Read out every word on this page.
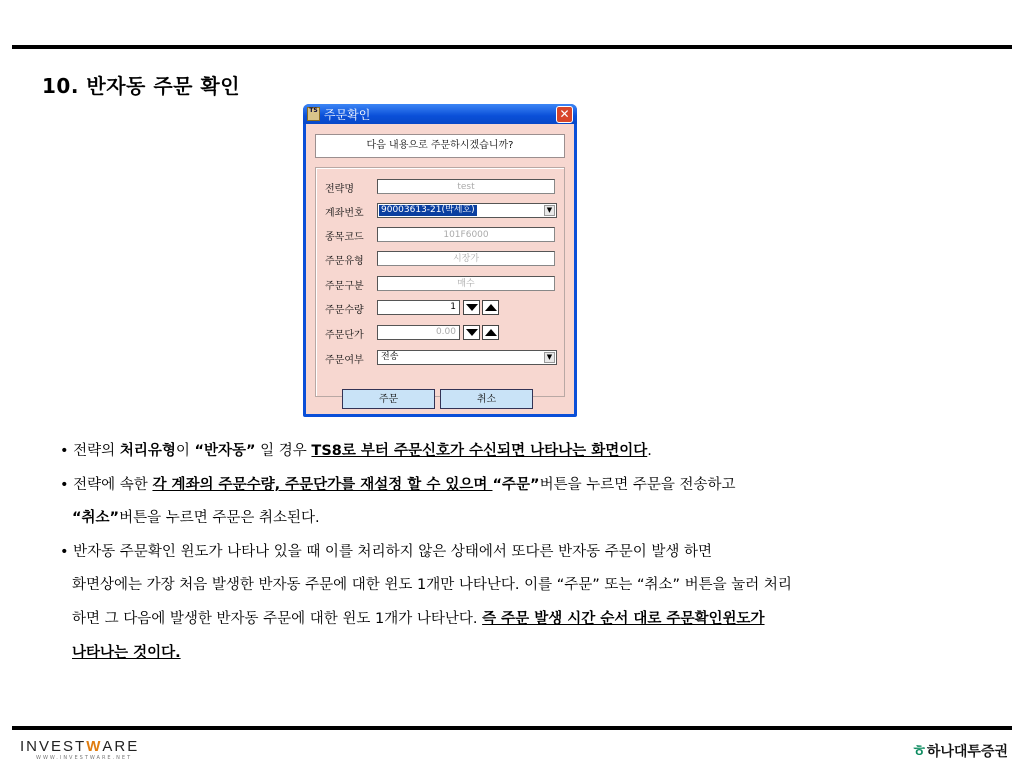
10. 반자동 주문 확인
TS 주문확인	✕
다음 내용으로 주문하시겠습니까?
전략명	test
계좌번호 90003613-21(박세호)	▼
종목코드	101F6000
주문유형	시장가
주문구분	매수
주문수량	1
주문단가	0.00
주문여부 전송	▼
주문	취소
• 전략의 처리유형이 “반자동” 일 경우 TS8로 부터 주문신호가 수신되면 나타나는 화면이다.
• 전략에 속한 각 계좌의 주문수량, 주문단가를 재설정 할 수 있으며 “주문”버튼을 누르면 주문을 전송하고
“취소”버튼을 누르면 주문은 취소된다.
• 반자동 주문확인 윈도가 나타나 있을 때 이를 처리하지 않은 상태에서 또다른 반자동 주문이 발생 하면
화면상에는 가장 처음 발생한 반자동 주문에 대한 윈도 1개만 나타난다. 이를 “주문” 또는 “취소” 버튼을 눌러 처리
하면 그 다음에 발생한 반자동 주문에 대한 윈도 1개가 나타난다. 즉 주문 발생 시간 순서 대로 주문확인윈도가
나타나는 것이다.
INVESTWARE
WWW.INVESTWARE.NET	ㅎ하나대투증권
